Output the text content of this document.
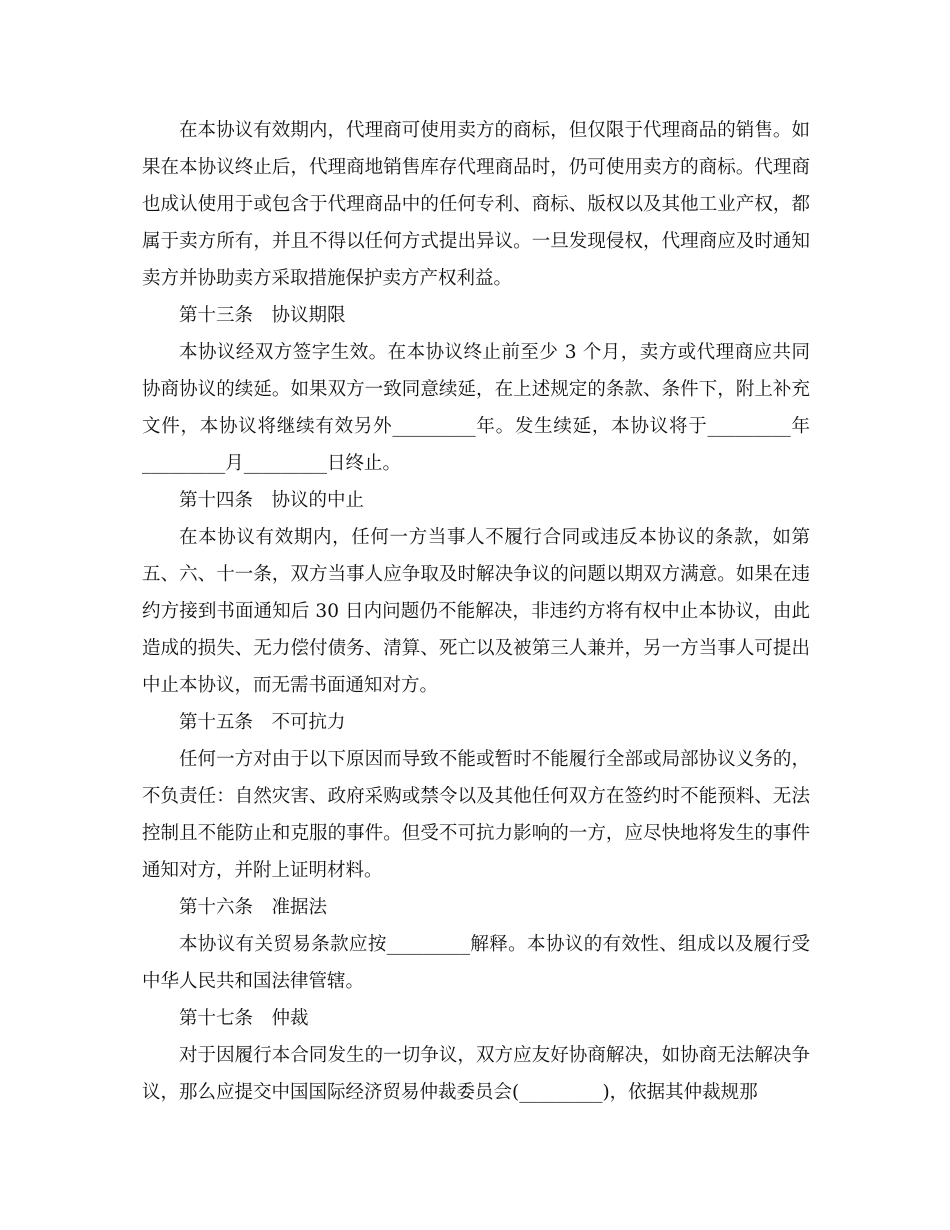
在本协议有效期内，代理商可使用卖方的商标，但仅限于代理商品的销售。如果在本协议终止后，代理商地销售库存代理商品时，仍可使用卖方的商标。代理商也成认使用于或包含于代理商品中的任何专利、商标、版权以及其他工业产权，都属于卖方所有，并且不得以任何方式提出异议。一旦发现侵权，代理商应及时通知卖方并协助卖方采取措施保护卖方产权利益。

第十三条　协议期限

本协议经双方签字生效。在本协议终止前至少 3 个月，卖方或代理商应共同协商协议的续延。如果双方一致同意续延，在上述规定的条款、条件下，附上补充文件，本协议将继续有效另外_________年。发生续延，本协议将于_________年_________月_________日终止。

第十四条　协议的中止

在本协议有效期内，任何一方当事人不履行合同或违反本协议的条款，如第五、六、十一条，双方当事人应争取及时解决争议的问题以期双方满意。如果在违约方接到书面通知后 30 日内问题仍不能解决，非违约方将有权中止本协议，由此造成的损失、无力偿付债务、清算、死亡以及被第三人兼并，另一方当事人可提出中止本协议，而无需书面通知对方。

第十五条　不可抗力

任何一方对由于以下原因而导致不能或暂时不能履行全部或局部协议义务的，不负责任：自然灾害、政府采购或禁令以及其他任何双方在签约时不能预料、无法控制且不能防止和克服的事件。但受不可抗力影响的一方，应尽快地将发生的事件通知对方，并附上证明材料。

第十六条　准据法

本协议有关贸易条款应按_________解释。本协议的有效性、组成以及履行受中华人民共和国法律管辖。

第十七条　仲裁

对于因履行本合同发生的一切争议，双方应友好协商解决，如协商无法解决争议，那么应提交中国国际经济贸易仲裁委员会(_________)，依据其仲裁规那
